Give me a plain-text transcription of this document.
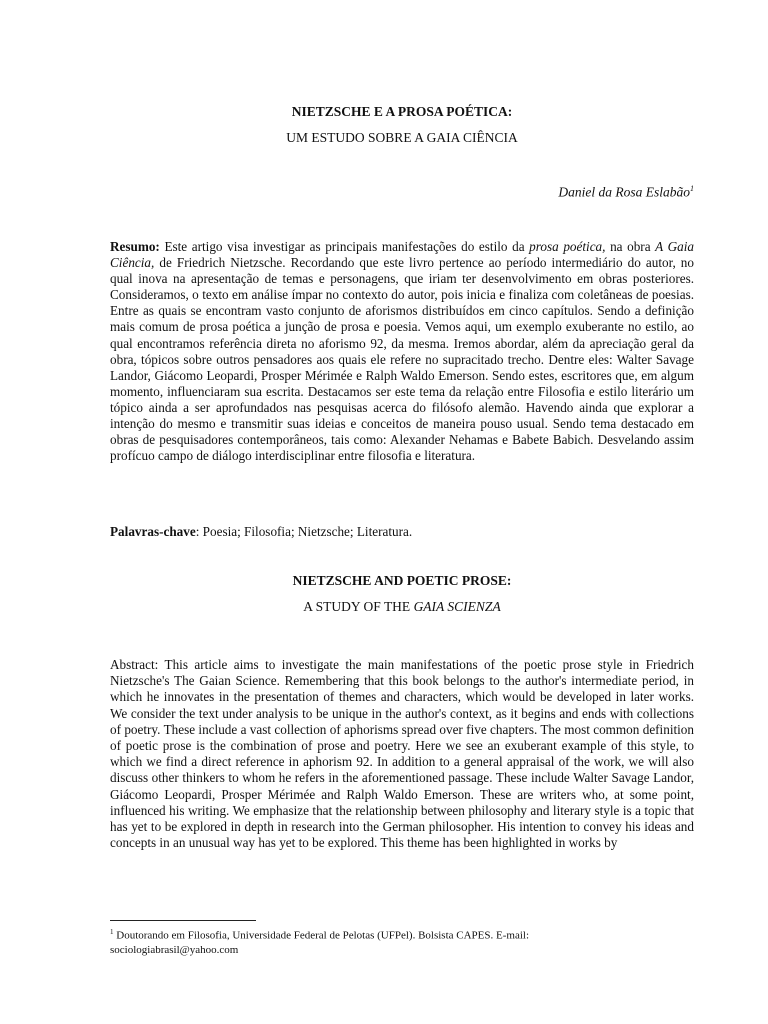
NIETZSCHE E A PROSA POÉTICA:

UM ESTUDO SOBRE A GAIA CIÊNCIA

Daniel da Rosa Eslabão$^1$

Resumo: Este artigo visa investigar as principais manifestações do estilo da prosa poética, na obra A Gaia Ciência, de Friedrich Nietzsche. Recordando que este livro pertence ao período intermediário do autor, no qual inova na apresentação de temas e personagens, que iriam ter desenvolvimento em obras posteriores. Consideramos, o texto em análise ímpar no contexto do autor, pois inicia e finaliza com coletâneas de poesias. Entre as quais se encontram vasto conjunto de aforismos distribuídos em cinco capítulos. Sendo a definição mais comum de prosa poética a junção de prosa e poesia. Vemos aqui, um exemplo exuberante no estilo, ao qual encontramos referência direta no aforismo 92, da mesma. Iremos abordar, além da apreciação geral da obra, tópicos sobre outros pensadores aos quais ele refere no supracitado trecho. Dentre eles: Walter Savage Landor, Giácomo Leopardi, Prosper Mérimée e Ralph Waldo Emerson. Sendo estes, escritores que, em algum momento, influenciaram sua escrita. Destacamos ser este tema da relação entre Filosofia e estilo literário um tópico ainda a ser aprofundados nas pesquisas acerca do filósofo alemão. Havendo ainda que explorar a intenção do mesmo e transmitir suas ideias e conceitos de maneira pouso usual. Sendo tema destacado em obras de pesquisadores contemporâneos, tais como: Alexander Nehamas e Babete Babich. Desvelando assim profícuo campo de diálogo interdisciplinar entre filosofia e literatura.

Palavras-chave: Poesia; Filosofia; Nietzsche; Literatura.

NIETZSCHE AND POETIC PROSE:

A STUDY OF THE GAIA SCIENZA

Abstract: This article aims to investigate the main manifestations of the poetic prose style in Friedrich Nietzsche's The Gaian Science. Remembering that this book belongs to the author's intermediate period, in which he innovates in the presentation of themes and characters, which would be developed in later works. We consider the text under analysis to be unique in the author's context, as it begins and ends with collections of poetry. These include a vast collection of aphorisms spread over five chapters. The most common definition of poetic prose is the combination of prose and poetry. Here we see an exuberant example of this style, to which we find a direct reference in aphorism 92. In addition to a general appraisal of the work, we will also discuss other thinkers to whom he refers in the aforementioned passage. These include Walter Savage Landor, Giácomo Leopardi, Prosper Mérimée and Ralph Waldo Emerson. These are writers who, at some point, influenced his writing. We emphasize that the relationship between philosophy and literary style is a topic that has yet to be explored in depth in research into the German philosopher. His intention to convey his ideas and concepts in an unusual way has yet to be explored. This theme has been highlighted in works by

$^1$ Doutorando em Filosofia, Universidade Federal de Pelotas (UFPel). Bolsista CAPES. E-mail:
sociologiabrasil@yahoo.com
